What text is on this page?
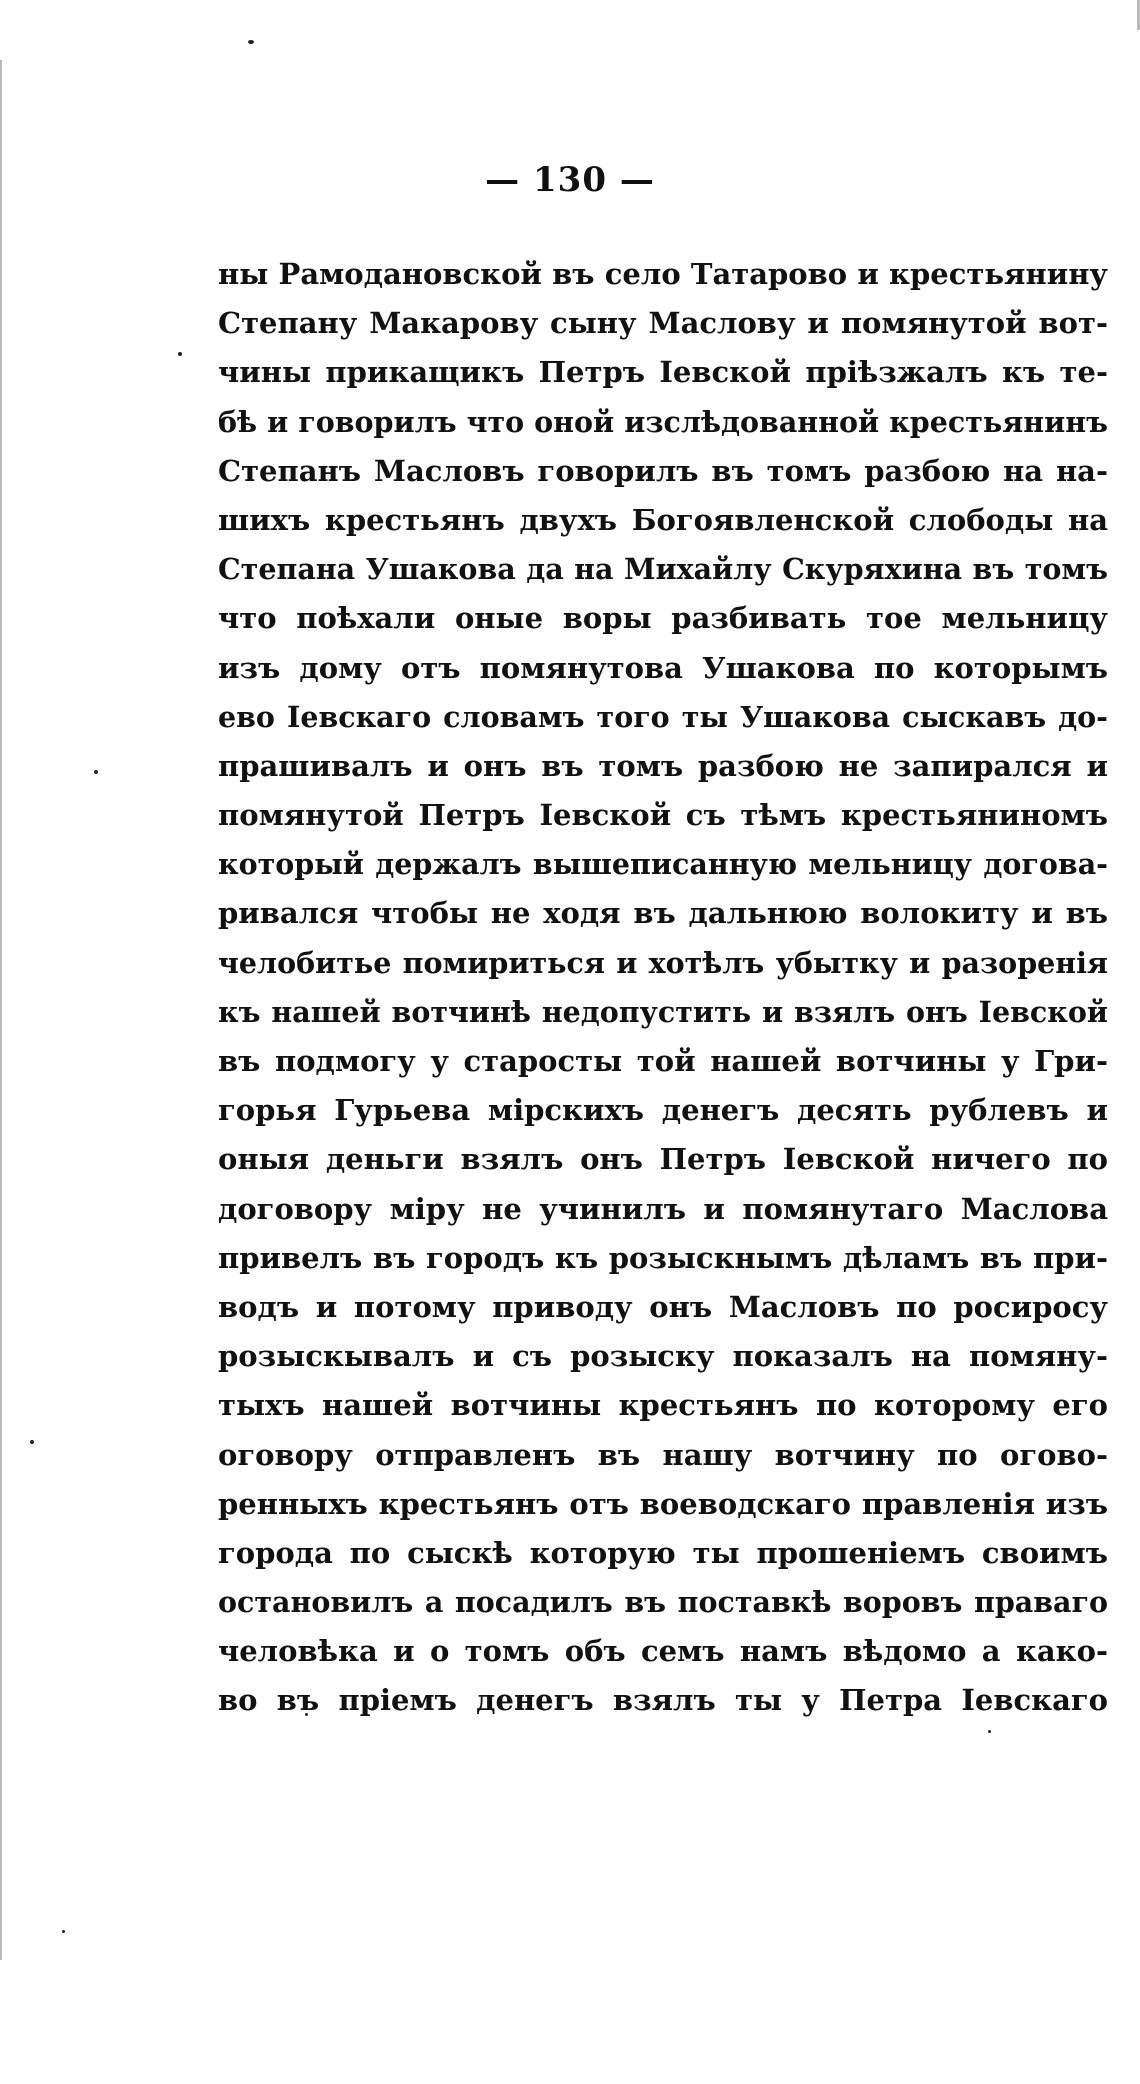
— 130 —
ны Рамодановской въ село Татарово и крестьянину
Степану Макарову сыну Маслову и помянутой вот-
чины прикащикъ Петръ Іевской пріѣзжалъ къ те-
бѣ и говорилъ что оной изслѣдованной крестьянинъ
Степанъ Масловъ говорилъ въ томъ разбою на на-
шихъ крестьянъ двухъ Богоявленской слободы на
Степана Ушакова да на Михайлу Скуряхина въ томъ
что поѣхали оные воры разбивать тое мельницу
изъ дому отъ помянутова Ушакова по которымъ
ево Іевскаго словамъ того ты Ушакова сыскавъ до-
прашивалъ и онъ въ томъ разбою не запирался и
помянутой Петръ Іевской съ тѣмъ крестьяниномъ
который держалъ вышеписанную мельницу догова-
ривался чтобы не ходя въ дальнюю волокиту и въ
челобитье помириться и хотѣлъ убытку и разоренія
къ нашей вотчинѣ недопустить и взялъ онъ Іевской
въ подмогу у старосты той нашей вотчины у Гри-
горья Гурьева мірскихъ денегъ десять рублевъ и
оныя деньги взялъ онъ Петръ Іевской ничего по
договору міру не учинилъ и помянутаго Маслова
привелъ въ городъ къ розыскнымъ дѣламъ въ при-
водъ и потому приводу онъ Масловъ по росиросу
розыскывалъ и съ розыску показалъ на помяну-
тыхъ нашей вотчины крестьянъ по которому его
оговору отправленъ въ нашу вотчину по огово-
ренныхъ крестьянъ отъ воеводскаго правленія изъ
города по сыскѣ которую ты прошеніемъ своимъ
остановилъ а посадилъ въ поставкѣ воровъ праваго
человѣка и о томъ объ семъ намъ вѣдомо а како-
во въ пріемъ денегъ взялъ ты у Петра Іевскаго
